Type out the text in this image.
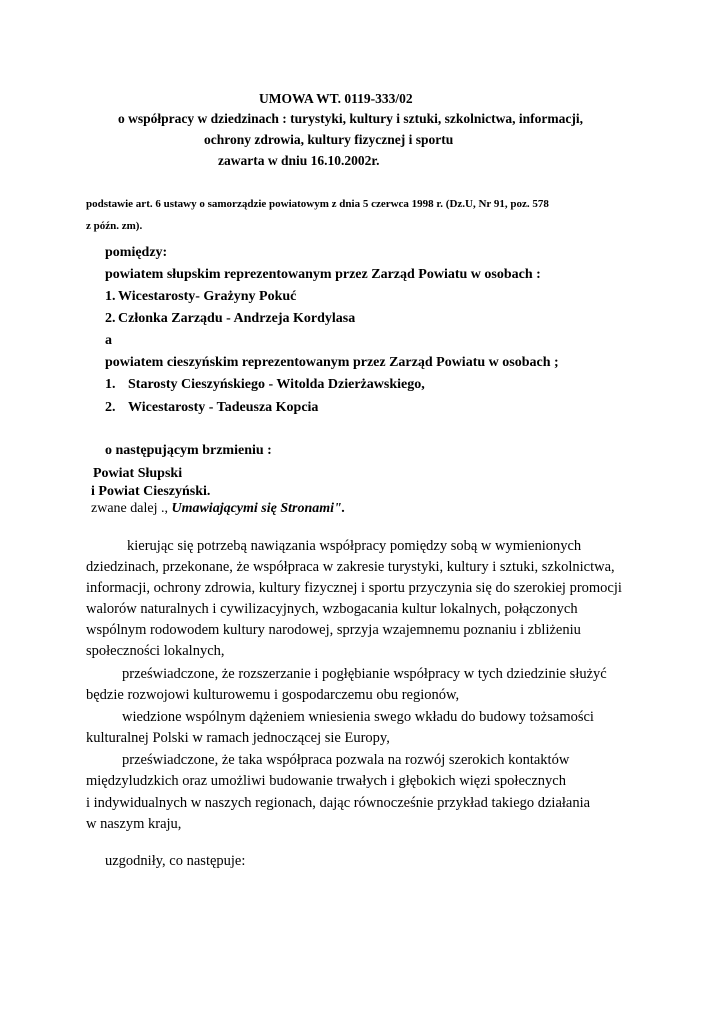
UMOWA WT. 0119-333/02
o współpracy w dziedzinach : turystyki, kultury i sztuki, szkolnictwa, informacji,
ochrony zdrowia, kultury fizycznej i sportu
zawarta w dniu 16.10.2002r.
podstawie art. 6 ustawy o samorządzie powiatowym z dnia 5 czerwca 1998 r. (Dz.U, Nr 91, poz. 578
z późn. zm).
pomiędzy:
powiatem słupskim reprezentowanym przez Zarząd Powiatu w osobach :
1. Wicestarosty- Grażyny Pokuć
2. Członka Zarządu - Andrzeja Kordylasa
a
powiatem cieszyńskim reprezentowanym przez Zarząd Powiatu w osobach ;
1. Starosty Cieszyńskiego - Witolda Dzierżawskiego,
2. Wicestarosty - Tadeusza Kopcia
o następującym brzmieniu :
Powiat Słupski
i Powiat Cieszyński.
zwane dalej ., Umawiającymi się Stronami".
kierując się potrzebą nawiązania współpracy pomiędzy sobą w wymienionych
dziedzinach, przekonane, że współpraca w zakresie turystyki, kultury i sztuki, szkolnictwa,
informacji, ochrony zdrowia, kultury fizycznej i sportu przyczynia się do szerokiej promocji
walorów naturalnych i cywilizacyjnych, wzbogacania kultur lokalnych, połączonych
wspólnym rodowodem kultury narodowej, sprzyja wzajemnemu poznaniu i zbliżeniu
społeczności lokalnych,
przeświadczone, że rozszerzanie i pogłębianie współpracy w tych dziedzinie służyć
będzie rozwojowi kulturowemu i gospodarczemu obu regionów,
wiedzione wspólnym dążeniem wniesienia swego wkładu do budowy tożsamości
kulturalnej Polski w ramach jednoczącej sie Europy,
przeświadczone, że taka współpraca pozwala na rozwój szerokich kontaktów
międzyludzkich oraz umożliwi budowanie trwałych i głębokich więzi społecznych
i indywidualnych w naszych regionach, dając równocześnie przykład takiego działania
w naszym kraju,
uzgodniły, co następuje:
